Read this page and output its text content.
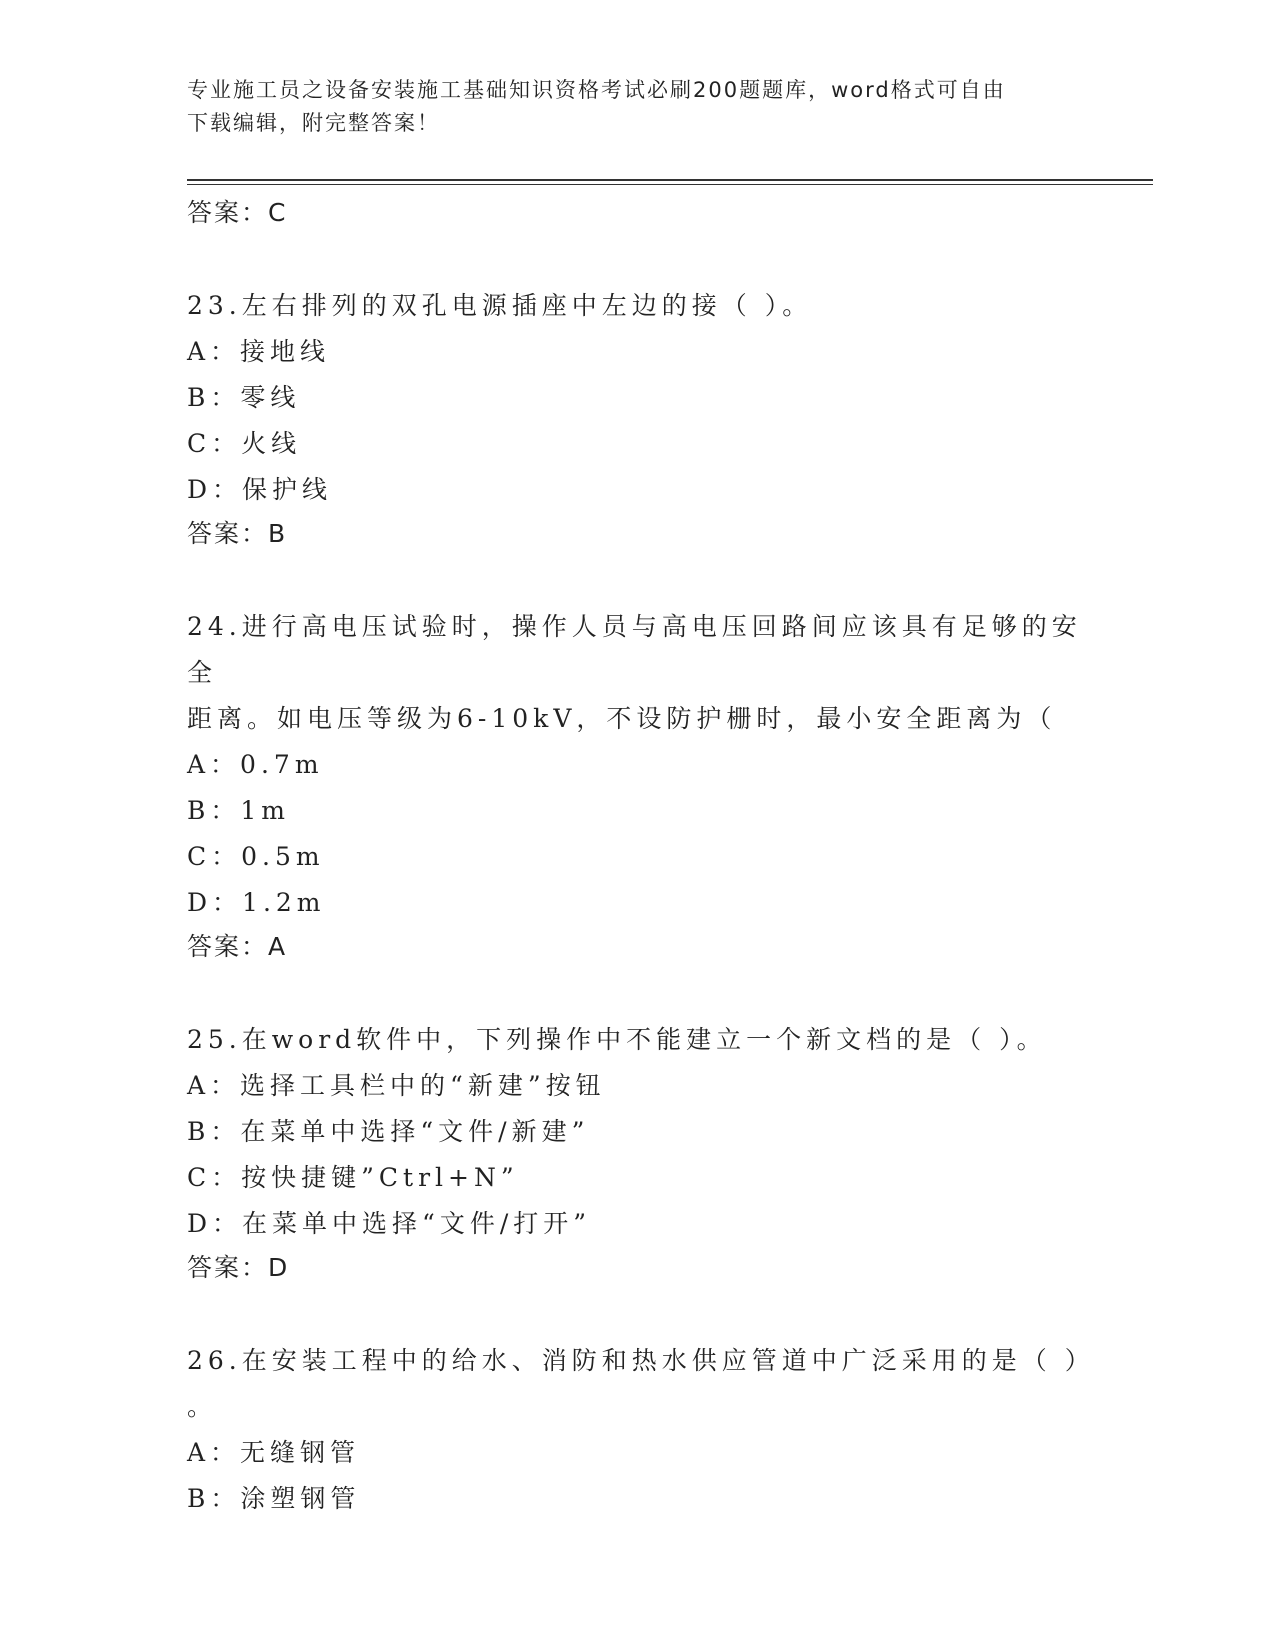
专业施工员之设备安装施工基础知识资格考试必刷200题题库，word格式可自由
下载编辑，附完整答案！
答案：C
23.左右排列的双孔电源插座中左边的接（ ）。
A：接地线
B：零线
C：火线
D：保护线
答案：B
24.进行高电压试验时，操作人员与高电压回路间应该具有足够的安全
距离。如电压等级为6-10kV，不设防护栅时，最小安全距离为（
A：0.7m
B：1m
C：0.5m
D：1.2m
答案：A
25.在word软件中，下列操作中不能建立一个新文档的是（ ）。
A：选择工具栏中的“新建”按钮
B：在菜单中选择“文件/新建”
C：按快捷键”Ctrl+N”
D：在菜单中选择“文件/打开”
答案：D
26.在安装工程中的给水、消防和热水供应管道中广泛采用的是（ ）
。
A：无缝钢管
B：涂塑钢管
